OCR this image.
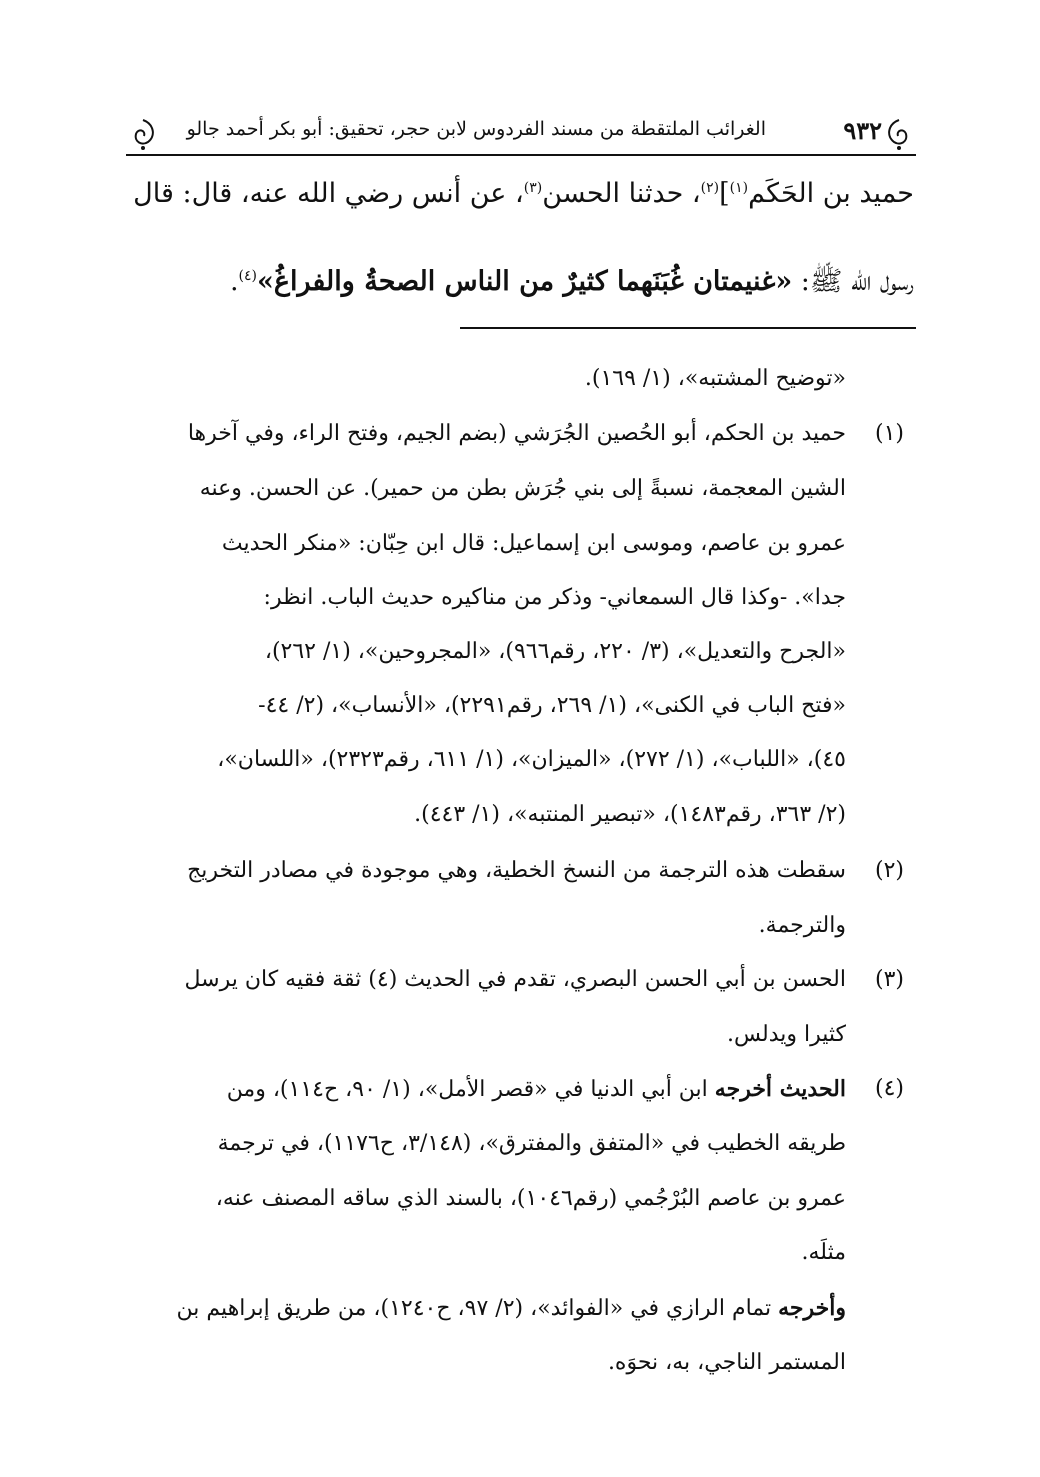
٩٣٢
الغرائب الملتقطة من مسند الفردوس لابن حجر، تحقيق: أبو بكر أحمد جالو
حميد بن الحَكَم$^{(١)}$]$^{(٢)}$، حدثنا الحسن$^{(٣)}$، عن أنس رضي الله عنه، قال: قال
رسول الله ﷺ: «غنيمتان غُبَنَهما كثيرٌ من الناس الصحةُ والفراغُ»$^{(٤)}$.
«توضيح المشتبه»، (١/ ١٦٩).
(١)
حميد بن الحكم، أبو الحُصين الجُرَشي (بضم الجيم، وفتح الراء، وفي آخرها
الشين المعجمة، نسبةً إلى بني جُرَش بطن من حمير). عن الحسن. وعنه
عمرو بن عاصم، وموسى ابن إسماعيل: قال ابن حِبّان: «منكر الحديث
جدا». -وكذا قال السمعاني- وذكر من مناكيره حديث الباب. انظر:
«الجرح والتعديل»، (٣/ ٢٢٠، رقم٩٦٦)، «المجروحين»، (١/ ٢٦٢)،
«فتح الباب في الكنى»، (١/ ٢٦٩، رقم٢٢٩١)، «الأنساب»، (٢/ ٤٤-
٤٥)، «اللباب»، (١/ ٢٧٢)، «الميزان»، (١/ ٦١١، رقم٢٣٢٣)، «اللسان»،
(٢/ ٣٦٣، رقم١٤٨٣)، «تبصير المنتبه»، (١/ ٤٤٣).
(٢)
سقطت هذه الترجمة من النسخ الخطية، وهي موجودة في مصادر التخريج
والترجمة.
(٣)
الحسن بن أبي الحسن البصري، تقدم في الحديث (٤) ثقة فقيه كان يرسل
كثيرا ويدلس.
(٤)
الحديث أخرجه ابن أبي الدنيا في «قصر الأمل»، (١/ ٩٠، ح١١٤)، ومن
طريقه الخطيب في «المتفق والمفترق»، (٣/١٤٨، ح١١٧٦)، في ترجمة
عمرو بن عاصم البُرْجُمي (رقم١٠٤٦)، بالسند الذي ساقه المصنف عنه،
مثلَه.
وأخرجه تمام الرازي في «الفوائد»، (٢/ ٩٧، ح١٢٤٠)، من طريق إبراهيم بن
المستمر الناجي، به، نحوَه.
